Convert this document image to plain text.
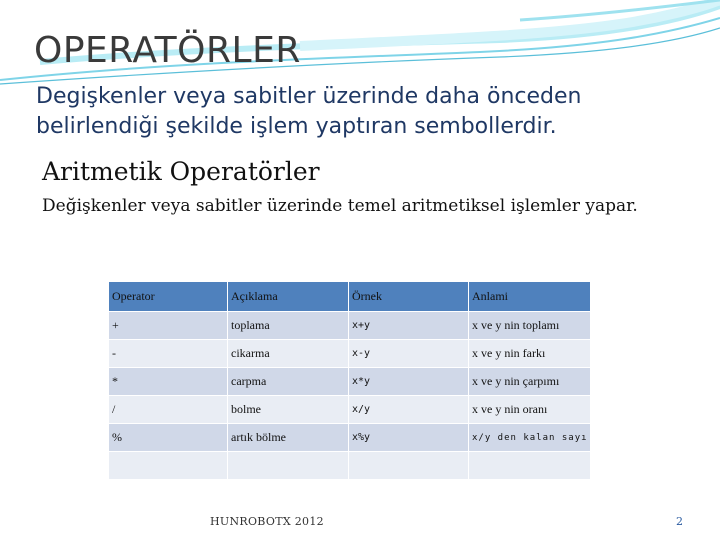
OPERATÖRLER
Degişkenler veya sabitler üzerinde daha önceden belirlendiği şekilde işlem yaptıran sembollerdir.
Aritmetik Operatörler
Değişkenler veya sabitler üzerinde temel aritmetiksel işlemler yapar.
Operator	Açıklama	Örnek	Anlami
+	toplama	x+y	x ve y nin toplamı
-	cikarma	x-y	x ve y nin farkı
*	carpma	x*y	x ve y nin çarpımı
/	bolme	x/y	x ve y nin oranı
%	artık bölme	x%y	x/y den kalan sayı

HUNROBOTX 2012	2
